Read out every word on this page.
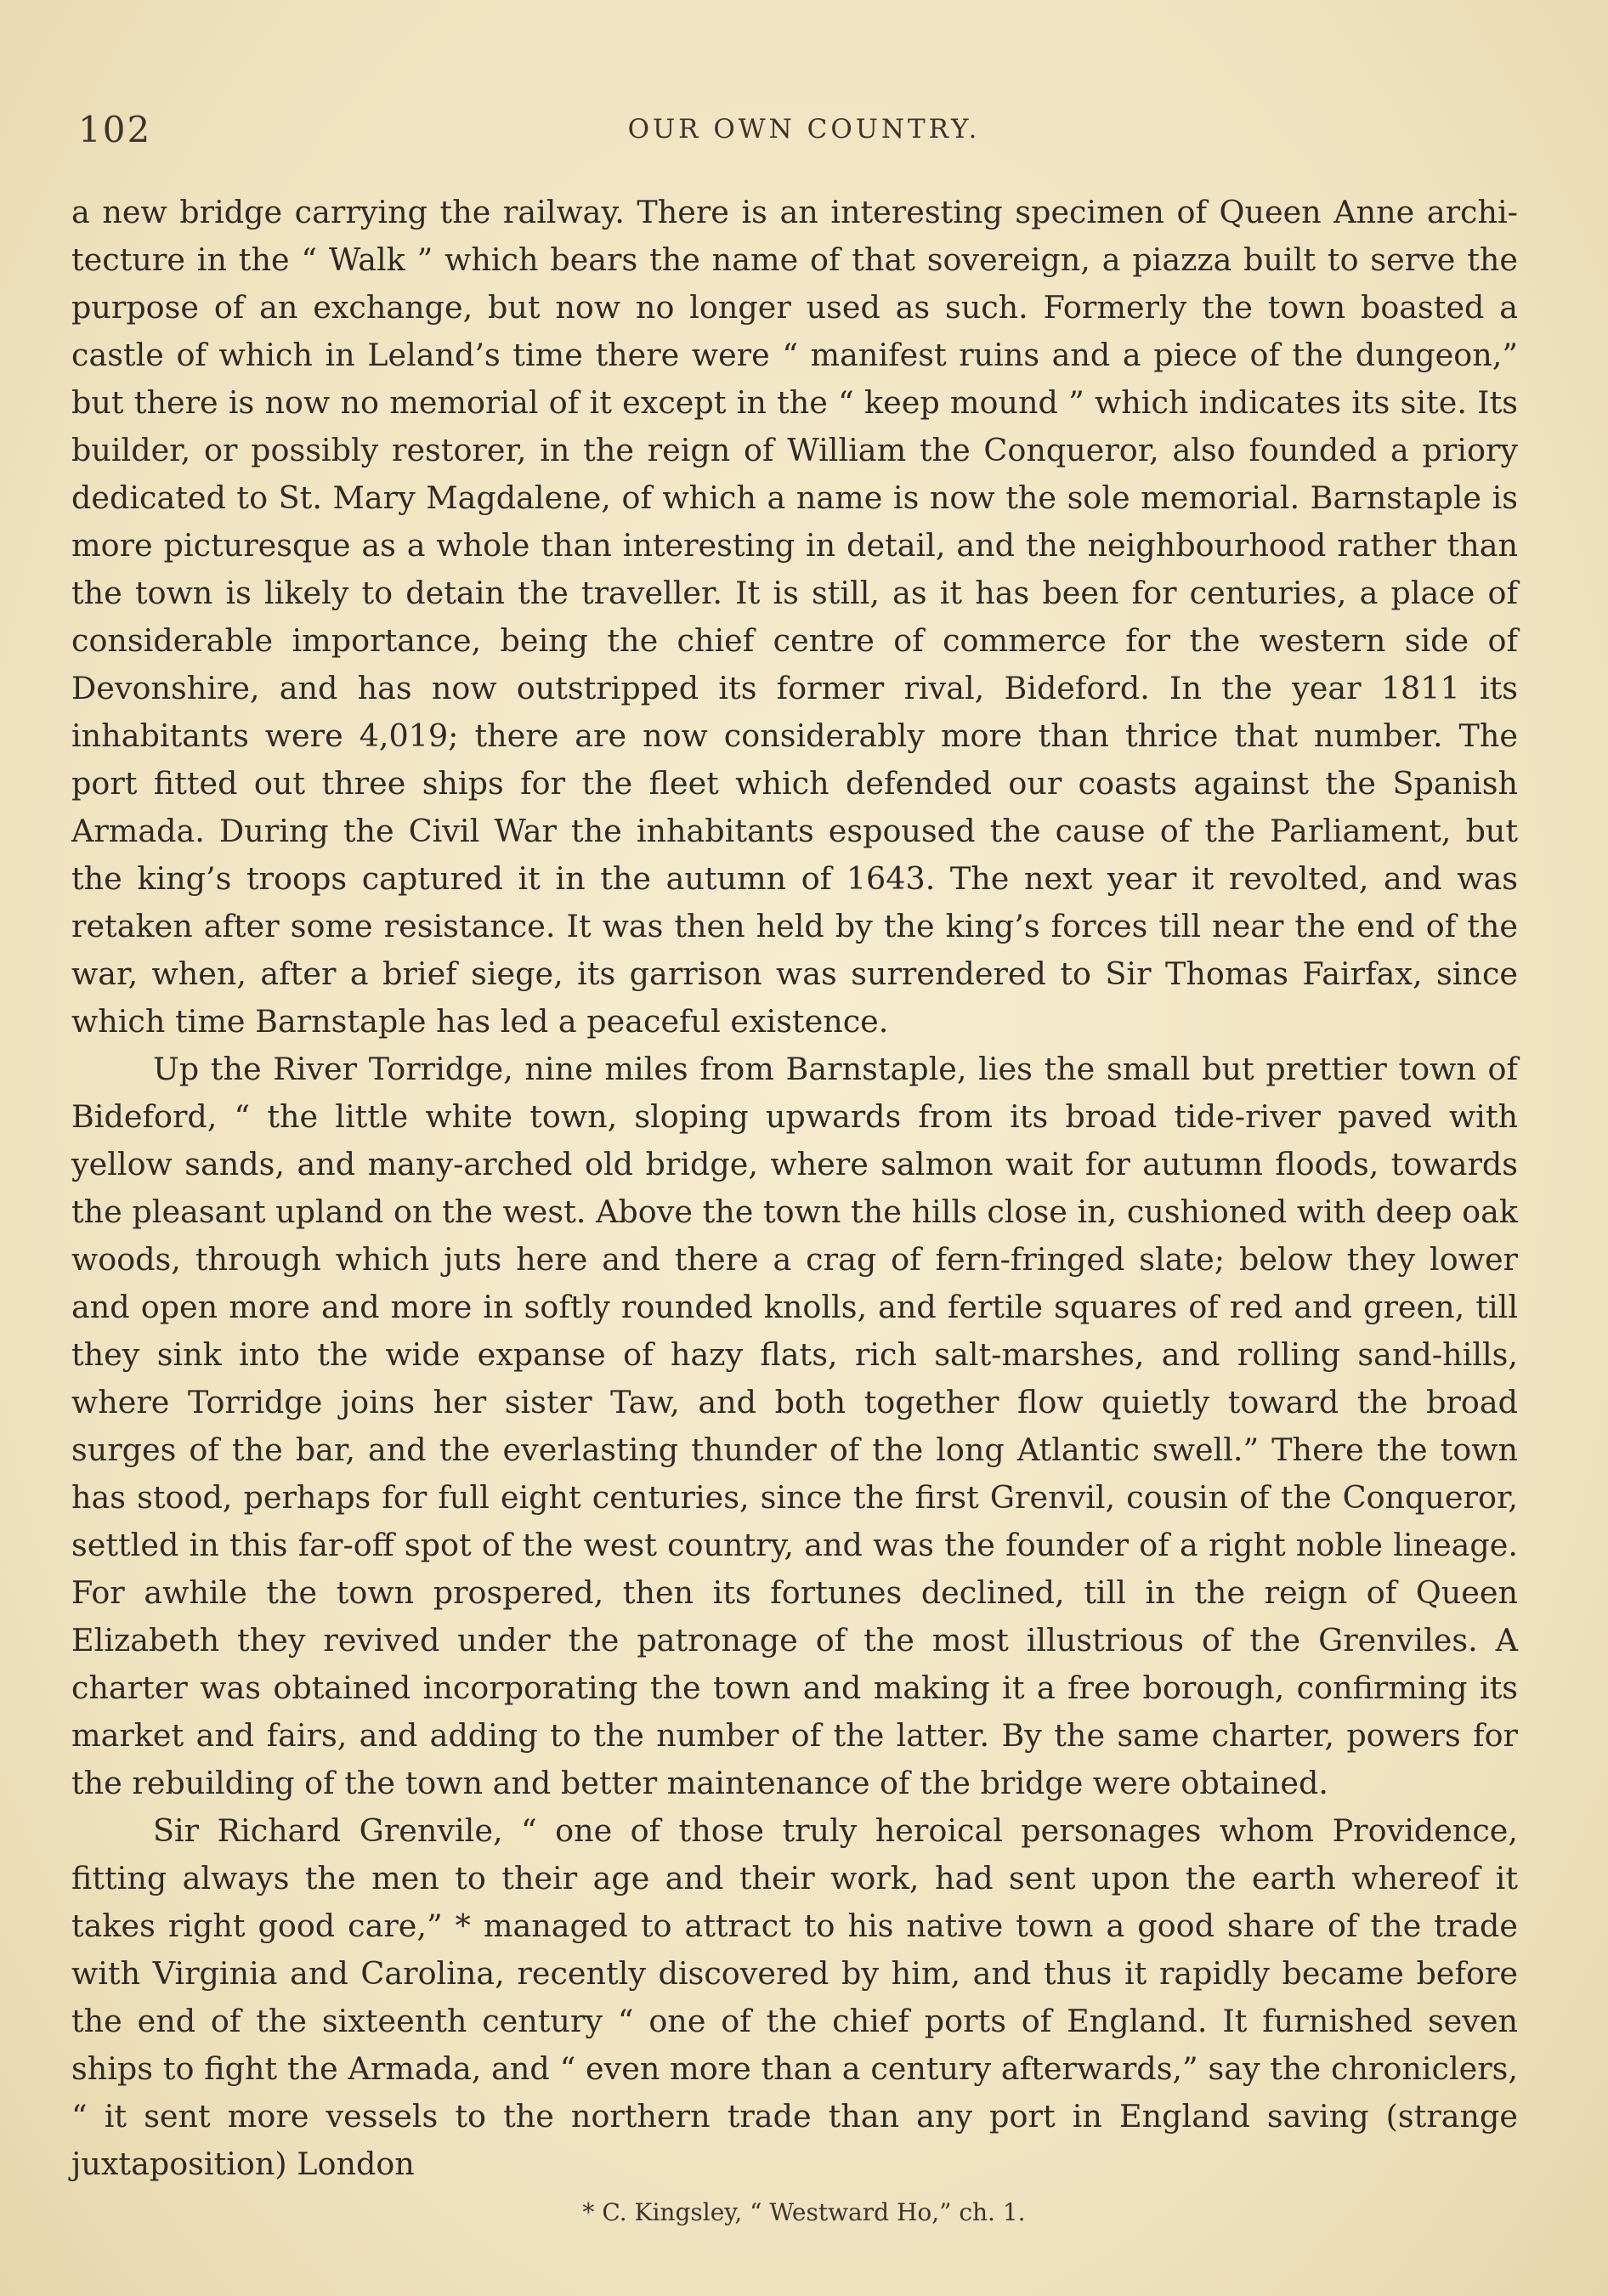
102	OUR OWN COUNTRY.

a new bridge carrying the railway. There is an interesting specimen of Queen Anne archi-tecture in the “ Walk ” which bears the name of that sovereign, a piazza built to serve the purpose of an exchange, but now no longer used as such. Formerly the town boasted a castle of which in Leland’s time there were “ manifest ruins and a piece of the dungeon,” but there is now no memorial of it except in the “ keep mound ” which indicates its site. Its builder, or possibly restorer, in the reign of William the Conqueror, also founded a priory dedicated to St. Mary Magdalene, of which a name is now the sole memorial. Barnstaple is more picturesque as a whole than interesting in detail, and the neighbourhood rather than the town is likely to detain the traveller. It is still, as it has been for centuries, a place of considerable importance, being the chief centre of commerce for the western side of Devonshire, and has now outstripped its former rival, Bideford. In the year 1811 its inhabitants were 4,019; there are now considerably more than thrice that number. The port fitted out three ships for the fleet which defended our coasts against the Spanish Armada. During the Civil War the inhabitants espoused the cause of the Parliament, but the king’s troops captured it in the autumn of 1643. The next year it revolted, and was retaken after some resistance. It was then held by the king’s forces till near the end of the war, when, after a brief siege, its garrison was surrendered to Sir Thomas Fairfax, since which time Barnstaple has led a peaceful existence.

Up the River Torridge, nine miles from Barnstaple, lies the small but prettier town of Bideford, “ the little white town, sloping upwards from its broad tide-river paved with yellow sands, and many-arched old bridge, where salmon wait for autumn floods, towards the pleasant upland on the west. Above the town the hills close in, cushioned with deep oak woods, through which juts here and there a crag of fern-fringed slate; below they lower and open more and more in softly rounded knolls, and fertile squares of red and green, till they sink into the wide expanse of hazy flats, rich salt-marshes, and rolling sand-hills, where Torridge joins her sister Taw, and both together flow quietly toward the broad surges of the bar, and the everlasting thunder of the long Atlantic swell.” There the town has stood, perhaps for full eight centuries, since the first Grenvil, cousin of the Conqueror, settled in this far-off spot of the west country, and was the founder of a right noble lineage. For awhile the town prospered, then its fortunes declined, till in the reign of Queen Elizabeth they revived under the patronage of the most illustrious of the Grenviles. A charter was obtained incorporating the town and making it a free borough, confirming its market and fairs, and adding to the number of the latter. By the same charter, powers for the rebuilding of the town and better maintenance of the bridge were obtained.

Sir Richard Grenvile, “ one of those truly heroical personages whom Providence, fitting always the men to their age and their work, had sent upon the earth whereof it takes right good care,” * managed to attract to his native town a good share of the trade with Virginia and Carolina, recently discovered by him, and thus it rapidly became before the end of the sixteenth century “ one of the chief ports of England. It furnished seven ships to fight the Armada, and “ even more than a century afterwards,” say the chroniclers, “ it sent more vessels to the northern trade than any port in England saving (strange juxtaposition) London

* C. Kingsley, “ Westward Ho,” ch. 1.
